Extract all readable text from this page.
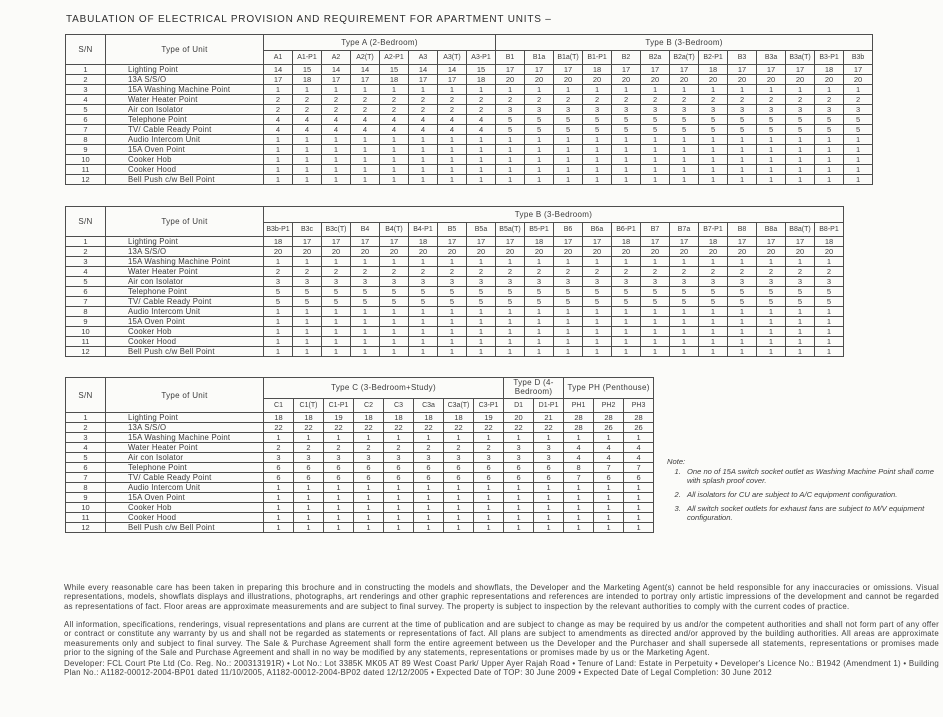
TABULATION OF ELECTRICAL PROVISION AND REQUIREMENT FOR APARTMENT UNITS –
S/N	Type of Unit	Type A (2-Bedroom)								Type B (3-Bedroom)												
		A1	A1-P1	A2	A2(T)	A2-P1	A3	A3(T)	A3-P1	B1	B1a	B1a(T)	B1-P1	B2	B2a	B2a(T)	B2-P1	B3	B3a	B3a(T)	B3-P1	B3b
1	Lighting Point	14	15	14	14	15	14	14	15	17	17	17	18	17	17	17	18	17	17	17	18	17
2	13A S/S/O	17	18	17	17	18	17	17	18	20	20	20	20	20	20	20	20	20	20	20	20	20
3	15A Washing Machine Point	1	1	1	1	1	1	1	1	1	1	1	1	1	1	1	1	1	1	1	1	1
4	Water Heater Point	2	2	2	2	2	2	2	2	2	2	2	2	2	2	2	2	2	2	2	2	2
5	Air con Isolator	2	2	2	2	2	2	2	2	3	3	3	3	3	3	3	3	3	3	3	3	3
6	Telephone Point	4	4	4	4	4	4	4	4	5	5	5	5	5	5	5	5	5	5	5	5	5
7	TV/ Cable Ready Point	4	4	4	4	4	4	4	4	5	5	5	5	5	5	5	5	5	5	5	5	5
8	Audio Intercom Unit	1	1	1	1	1	1	1	1	1	1	1	1	1	1	1	1	1	1	1	1	1
9	15A Oven Point	1	1	1	1	1	1	1	1	1	1	1	1	1	1	1	1	1	1	1	1	1
10	Cooker Hob	1	1	1	1	1	1	1	1	1	1	1	1	1	1	1	1	1	1	1	1	1
11	Cooker Hood	1	1	1	1	1	1	1	1	1	1	1	1	1	1	1	1	1	1	1	1	1
12	Bell Push c/w Bell Point	1	1	1	1	1	1	1	1	1	1	1	1	1	1	1	1	1	1	1	1	1
S/N	Type of Unit	Type B (3-Bedroom)																			
		B3b-P1	B3c	B3c(T)	B4	B4(T)	B4-P1	B5	B5a	B5a(T)	B5-P1	B6	B6a	B6-P1	B7	B7a	B7-P1	B8	B8a	B8a(T)	B8-P1
1	Lighting Point	18	17	17	17	17	18	17	17	17	18	17	17	18	17	17	18	17	17	17	18
2	13A S/S/O	20	20	20	20	20	20	20	20	20	20	20	20	20	20	20	20	20	20	20	20
3	15A Washing Machine Point	1	1	1	1	1	1	1	1	1	1	1	1	1	1	1	1	1	1	1	1
4	Water Heater Point	2	2	2	2	2	2	2	2	2	2	2	2	2	2	2	2	2	2	2	2
5	Air con Isolator	3	3	3	3	3	3	3	3	3	3	3	3	3	3	3	3	3	3	3	3
6	Telephone Point	5	5	5	5	5	5	5	5	5	5	5	5	5	5	5	5	5	5	5	5
7	TV/ Cable Ready Point	5	5	5	5	5	5	5	5	5	5	5	5	5	5	5	5	5	5	5	5
8	Audio Intercom Unit	1	1	1	1	1	1	1	1	1	1	1	1	1	1	1	1	1	1	1	1
9	15A Oven Point	1	1	1	1	1	1	1	1	1	1	1	1	1	1	1	1	1	1	1	1
10	Cooker Hob	1	1	1	1	1	1	1	1	1	1	1	1	1	1	1	1	1	1	1	1
11	Cooker Hood	1	1	1	1	1	1	1	1	1	1	1	1	1	1	1	1	1	1	1	1
12	Bell Push c/w Bell Point	1	1	1	1	1	1	1	1	1	1	1	1	1	1	1	1	1	1	1	1
S/N	Type of Unit	Type C (3-Bedroom+Study)								Type D (4-Bedroom)		Type PH (Penthouse)		
		C1	C1(T)	C1-P1	C2	C3	C3a	C3a(T)	C3-P1	D1	D1-P1	PH1	PH2	PH3
1	Lighting Point	18	18	19	18	18	18	18	19	20	21	28	28	28
2	13A S/S/O	22	22	22	22	22	22	22	22	22	22	28	26	26
3	15A Washing Machine Point	1	1	1	1	1	1	1	1	1	1	1	1	1
4	Water Heater Point	2	2	2	2	2	2	2	2	3	3	4	4	4
5	Air con Isolator	3	3	3	3	3	3	3	3	3	3	4	4	4
6	Telephone Point	6	6	6	6	6	6	6	6	6	6	8	7	7
7	TV/ Cable Ready Point	6	6	6	6	6	6	6	6	6	6	7	6	6
8	Audio Intercom Unit	1	1	1	1	1	1	1	1	1	1	1	1	1
9	15A Oven Point	1	1	1	1	1	1	1	1	1	1	1	1	1
10	Cooker Hob	1	1	1	1	1	1	1	1	1	1	1	1	1
11	Cooker Hood	1	1	1	1	1	1	1	1	1	1	1	1	1
12	Bell Push c/w Bell Point	1	1	1	1	1	1	1	1	1	1	1	1	1
Note:
1. One no of 15A switch socket outlet as Washing Machine Point shall come with splash proof cover.
2. All isolators for CU are subject to A/C equipment configuration.
3. All switch socket outlets for exhaust fans are subject to M/V equipment configuration.

While every reasonable care has been taken in preparing this brochure and in constructing the models and showflats, the Developer and the Marketing Agent(s) cannot be held responsible for any inaccuracies or omissions. Visual representations, models, showflats displays and illustrations, photographs, art renderings and other graphic representations and references are intended to portray only artistic impressions of the development and cannot be regarded as representations of fact. Floor areas are approximate measurements and are subject to final survey. The property is subject to inspection by the relevant authorities to comply with the current codes of practice.

All information, specifications, renderings, visual representations and plans are current at the time of publication and are subject to change as may be required by us and/or the competent authorities and shall not form part of any offer or contract or constitute any warranty by us and shall not be regarded as statements or representations of fact. All plans are subject to amendments as directed and/or approved by the building authorities. All areas are approximate measurements only and subject to final survey. The Sale & Purchase Agreement shall form the entire agreement between us the Developer and the Purchaser and shall supersede all statements, representations or promises made prior to the signing of the Sale and Purchase Agreement and shall in no way be modified by any statements, representations or promises made by us or the Marketing Agent.

Developer: FCL Court Pte Ltd (Co. Reg. No.: 200313191R) • Lot No.: Lot 3385K MK05 AT 89 West Coast Park/ Upper Ayer Rajah Road • Tenure of Land: Estate in Perpetuity • Developer's Licence No.: B1942 (Amendment 1) • Building Plan No.: A1182-00012-2004-BP01 dated 11/10/2005, A1182-00012-2004-BP02 dated 12/12/2005 • Expected Date of TOP: 30 June 2009 • Expected Date of Legal Completion: 30 June 2012
